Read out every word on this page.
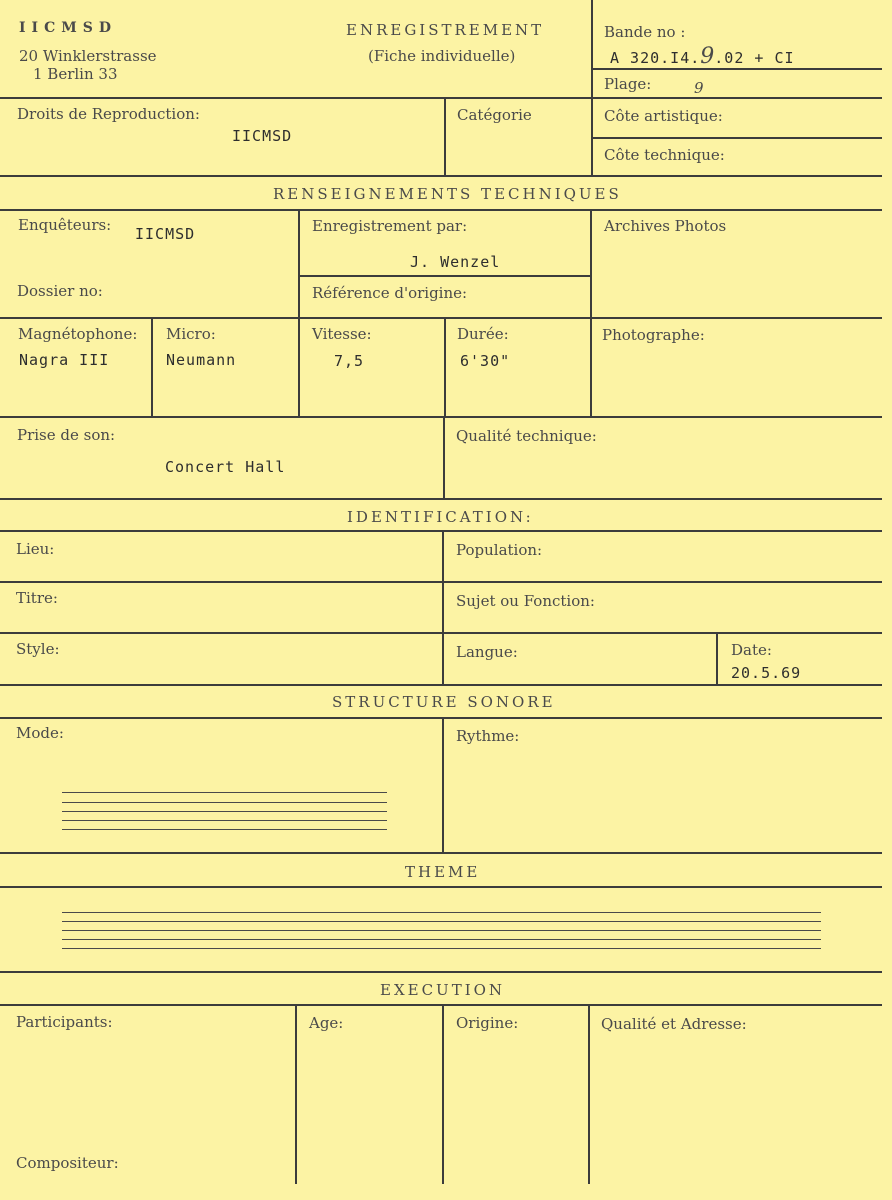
IICMSD
20 Winklerstrasse
1 Berlin 33
ENREGISTREMENT
(Fiche individuelle)
Bande no :
A 320.I4.9.02 + CI
Plage:	9
Droits de Reproduction:
IICMSD
Catégorie	Côte artistique:
Côte technique:
RENSEIGNEMENTS TECHNIQUES
Enquêteurs: IICMSD	Enregistrement par:
J. Wenzel
Archives Photos
Dossier no:	Référence d'origine:
Magnétophone:
Nagra III
Micro:
Neumann
Vitesse:
7,5
Durée:
6'30"
Photographe:
Prise de son:
Concert Hall
Qualité technique:
IDENTIFICATION:
Lieu:	Population:
Titre:	Sujet ou Fonction:
Style:	Langue:	Date:
20.5.69
STRUCTURE SONORE
Mode:	Rythme:
THEME
EXECUTION
Participants:	Age:	Origine:	Qualité et Adresse:
Compositeur:
